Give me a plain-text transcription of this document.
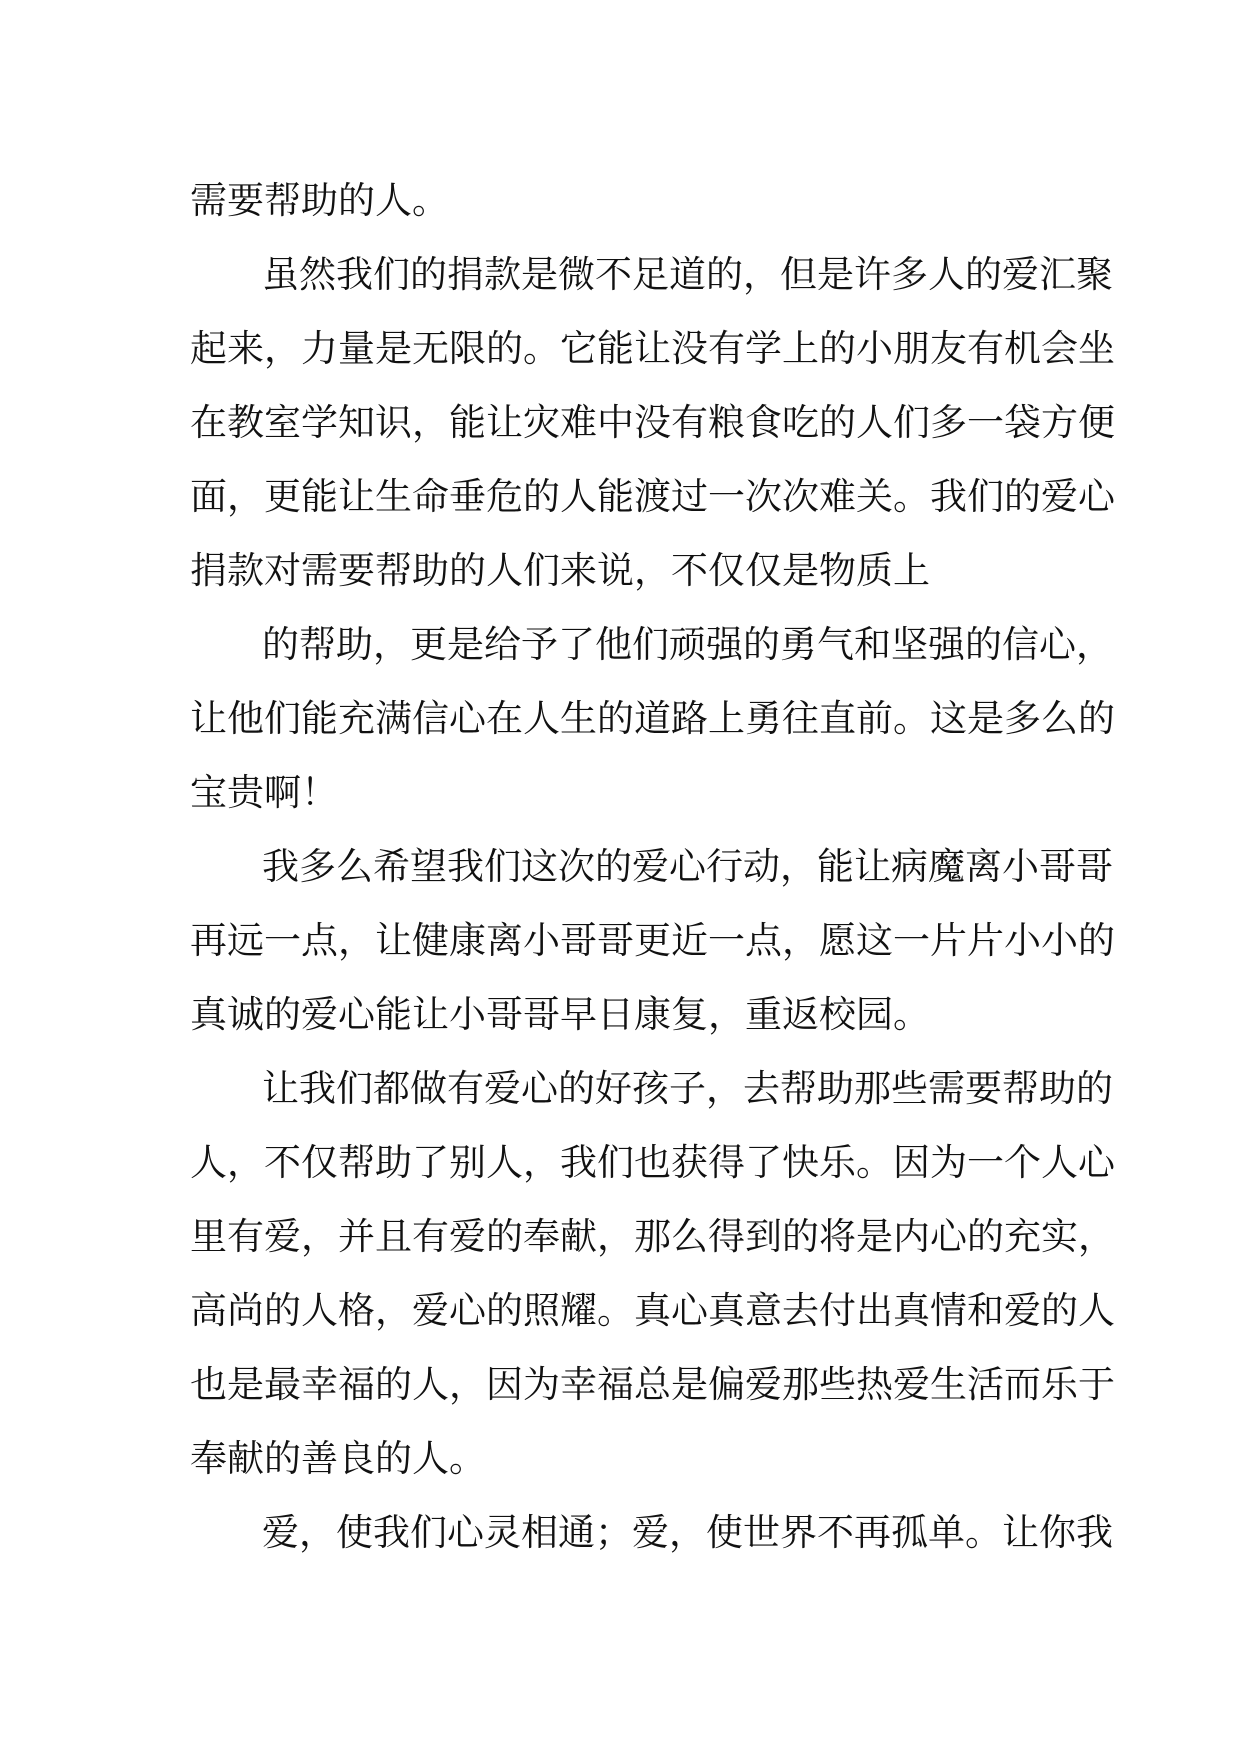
需要帮助的人。
虽然我们的捐款是微不足道的，但是许多人的爱汇聚
起来，力量是无限的。它能让没有学上的小朋友有机会坐
在教室学知识，能让灾难中没有粮食吃的人们多一袋方便
面，更能让生命垂危的人能渡过一次次难关。我们的爱心
捐款对需要帮助的人们来说，不仅仅是物质上
的帮助，更是给予了他们顽强的勇气和坚强的信心，
让他们能充满信心在人生的道路上勇往直前。这是多么的
宝贵啊！
我多么希望我们这次的爱心行动，能让病魔离小哥哥
再远一点，让健康离小哥哥更近一点，愿这一片片小小的
真诚的爱心能让小哥哥早日康复，重返校园。
让我们都做有爱心的好孩子，去帮助那些需要帮助的
人，不仅帮助了别人，我们也获得了快乐。因为一个人心
里有爱，并且有爱的奉献，那么得到的将是内心的充实，
高尚的人格，爱心的照耀。真心真意去付出真情和爱的人
也是最幸福的人，因为幸福总是偏爱那些热爱生活而乐于
奉献的善良的人。
爱，使我们心灵相通；爱，使世界不再孤单。让你我
